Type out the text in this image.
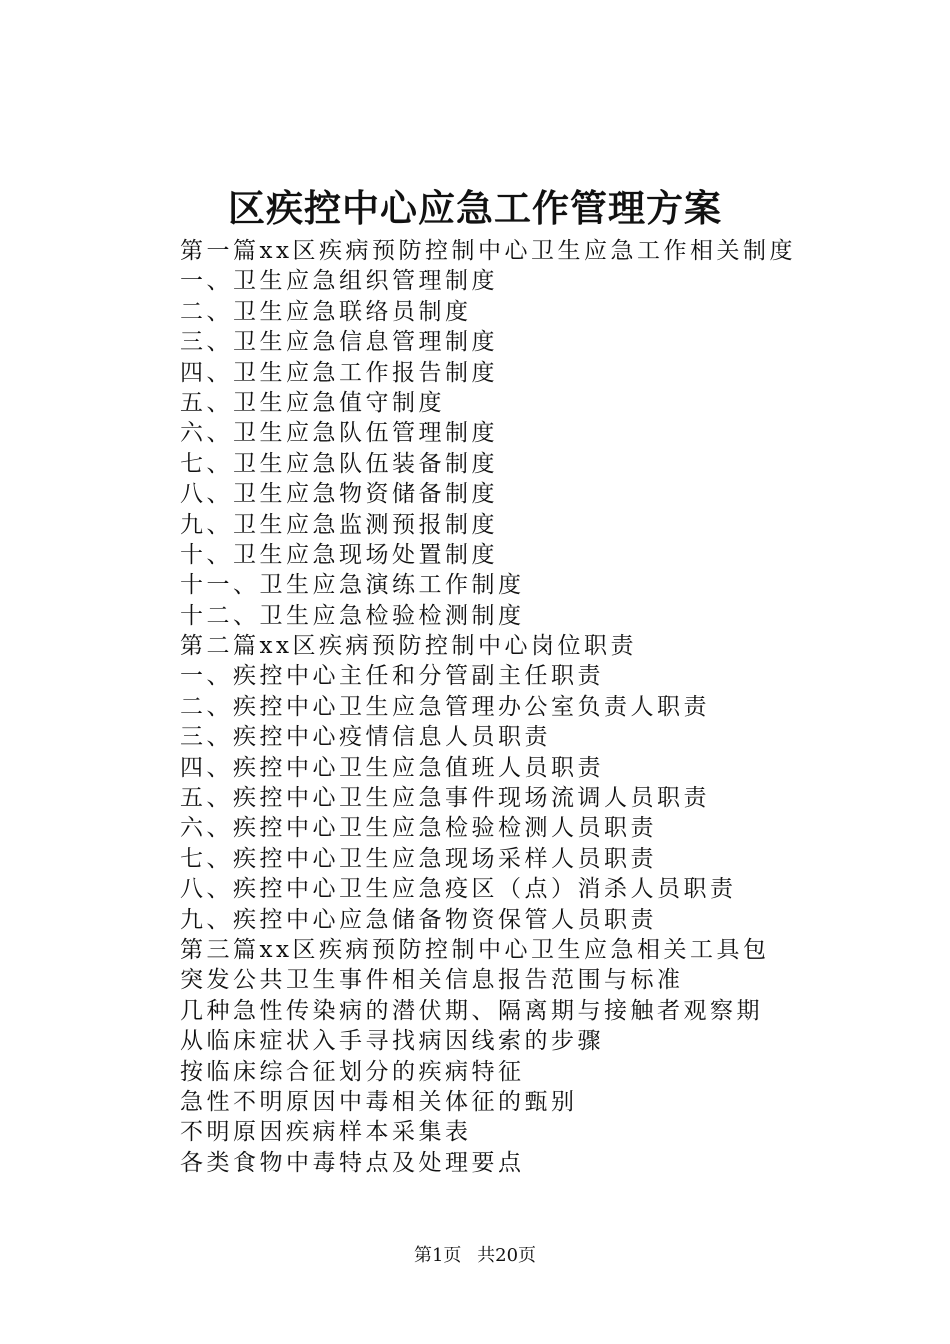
区疾控中心应急工作管理方案
第一篇xx区疾病预防控制中心卫生应急工作相关制度
一、卫生应急组织管理制度
二、卫生应急联络员制度
三、卫生应急信息管理制度
四、卫生应急工作报告制度
五、卫生应急值守制度
六、卫生应急队伍管理制度
七、卫生应急队伍装备制度
八、卫生应急物资储备制度
九、卫生应急监测预报制度
十、卫生应急现场处置制度
十一、卫生应急演练工作制度
十二、卫生应急检验检测制度
第二篇xx区疾病预防控制中心岗位职责
一、疾控中心主任和分管副主任职责
二、疾控中心卫生应急管理办公室负责人职责
三、疾控中心疫情信息人员职责
四、疾控中心卫生应急值班人员职责
五、疾控中心卫生应急事件现场流调人员职责
六、疾控中心卫生应急检验检测人员职责
七、疾控中心卫生应急现场采样人员职责
八、疾控中心卫生应急疫区（点）消杀人员职责
九、疾控中心应急储备物资保管人员职责
第三篇xx区疾病预防控制中心卫生应急相关工具包
突发公共卫生事件相关信息报告范围与标准
几种急性传染病的潜伏期、隔离期与接触者观察期
从临床症状入手寻找病因线索的步骤
按临床综合征划分的疾病特征
急性不明原因中毒相关体征的甄别
不明原因疾病样本采集表
各类食物中毒特点及处理要点
第1页 共20页
